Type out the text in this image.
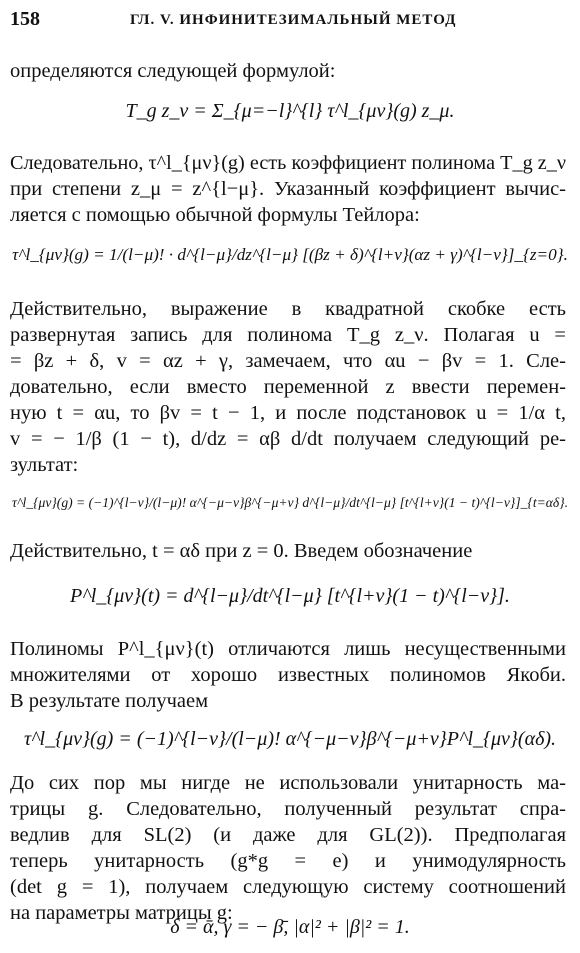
158	ГЛ. V. ИНФИНИТЕЗИМАЛЬНЫЙ МЕТОД

определяются следующей формулой:

T_g z_ν = Σ_{μ=−l}^{l} τ^l_{μν}(g) z_μ.

Следовательно, τ^l_{μν}(g) есть коэффициент полинома T_g z_ν
при степени z_μ = z^{l−μ}. Указанный коэффициент вычис-
ляется с помощью обычной формулы Тейлора:

τ^l_{μν}(g) = 1/(l−μ)! · d^{l−μ}/dz^{l−μ} [(βz + δ)^{l+ν}(αz + γ)^{l−ν}]_{z=0}.

Действительно, выражение в квадратной скобке есть
развернутая запись для полинома T_g z_ν. Полагая u =
= βz + δ, v = αz + γ, замечаем, что αu − βv = 1. Сле-
довательно, если вместо переменной z ввести перемен-
ную t = αu, то βv = t − 1, и после подстановок u = 1/α t,
v = − 1/β (1 − t), d/dz = αβ d/dt получаем следующий ре-
зультат:

τ^l_{μν}(g) = (−1)^{l−ν}/(l−μ)! α^{−μ−ν}β^{−μ+ν} d^{l−μ}/dt^{l−μ} [t^{l+ν}(1 − t)^{l−ν}]_{t=αδ}.

Действительно, t = αδ при z = 0. Введем обозначение

P^l_{μν}(t) = d^{l−μ}/dt^{l−μ} [t^{l+ν}(1 − t)^{l−ν}].

Полиномы P^l_{μν}(t) отличаются лишь несущественными
множителями от хорошо известных полиномов Якоби.
В результате получаем

τ^l_{μν}(g) = (−1)^{l−ν}/(l−μ)! α^{−μ−ν}β^{−μ+ν}P^l_{μν}(αδ).

До сих пор мы нигде не использовали унитарность ма-
трицы g. Следовательно, полученный результат спра-
ведлив для SL(2) (и даже для GL(2)). Предполагая
теперь унитарность (g*g = e) и унимодулярность
(det g = 1), получаем следующую систему соотношений
на параметры матрицы g:

δ = ᾱ, γ = − β̄, |α|² + |β|² = 1.
